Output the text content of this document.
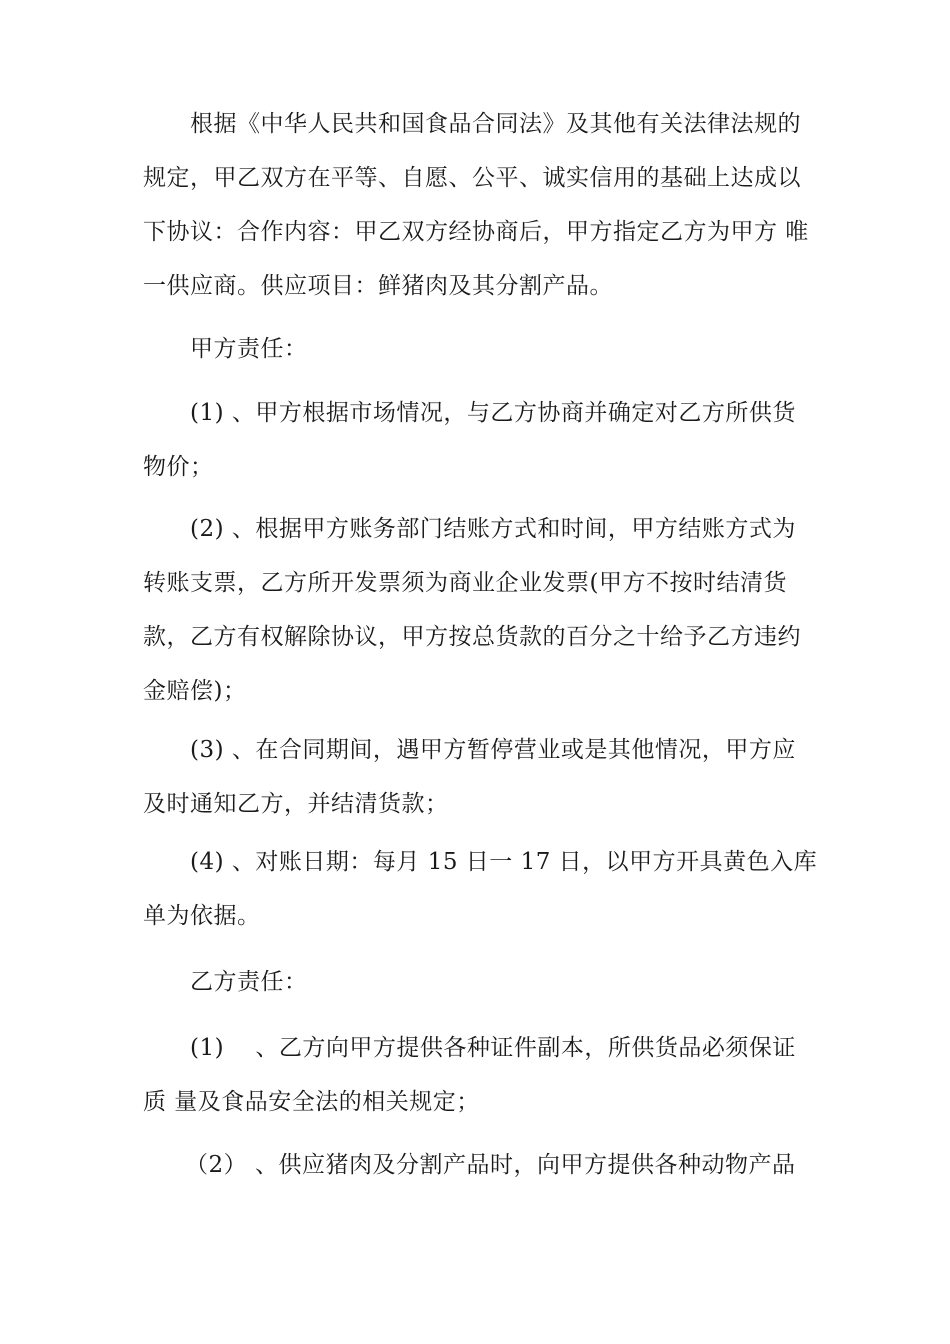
根据《中华人民共和国食品合同法》及其他有关法律法规的
规定，甲乙双方在平等、自愿、公平、诚实信用的基础上达成以
下协议：合作内容：甲乙双方经协商后，甲方指定乙方为甲方 唯
一供应商。供应项目：鲜猪肉及其分割产品。

甲方责任：

(1) 、甲方根据市场情况，与乙方协商并确定对乙方所供货
物价；

(2) 、根据甲方账务部门结账方式和时间，甲方结账方式为
转账支票，乙方所开发票须为商业企业发票(甲方不按时结清货
款，乙方有权解除协议，甲方按总货款的百分之十给予乙方违约
金赔偿)；

(3) 、在合同期间，遇甲方暂停营业或是其他情况，甲方应
及时通知乙方，并结清货款；

(4) 、对账日期：每月 15 日一 17 日，以甲方开具黄色入库
单为依据。

乙方责任：

(1)    、乙方向甲方提供各种证件副本，所供货品必须保证
质 量及食品安全法的相关规定；

（2） 、供应猪肉及分割产品时，向甲方提供各种动物产品
